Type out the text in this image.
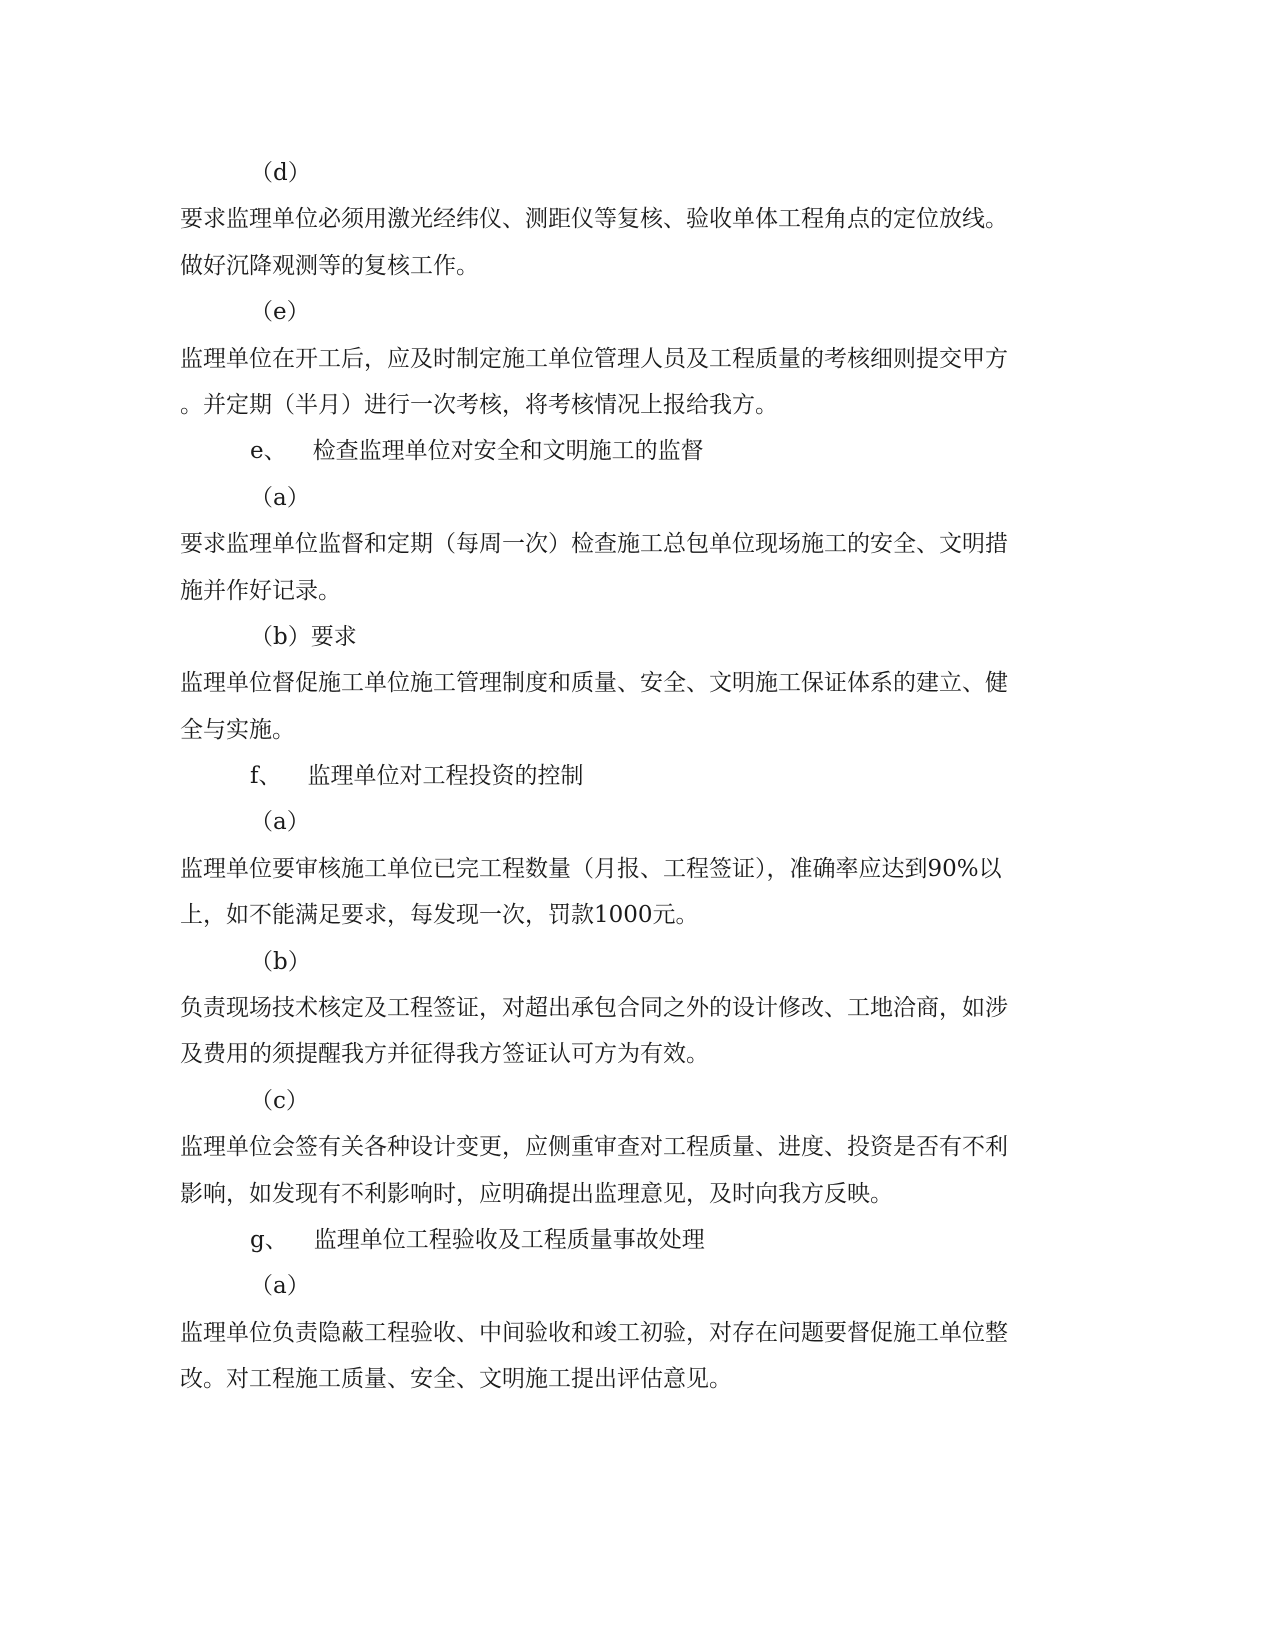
（d）
要求监理单位必须用激光经纬仪、测距仪等复核、验收单体工程角点的定位放线。
做好沉降观测等的复核工作。
（e）
监理单位在开工后，应及时制定施工单位管理人员及工程质量的考核细则提交甲方
。并定期（半月）进行一次考核，将考核情况上报给我方。
e、 检查监理单位对安全和文明施工的监督
（a）
要求监理单位监督和定期（每周一次）检查施工总包单位现场施工的安全、文明措
施并作好记录。
（b）要求
监理单位督促施工单位施工管理制度和质量、安全、文明施工保证体系的建立、健
全与实施。
f、 监理单位对工程投资的控制
（a）
监理单位要审核施工单位已完工程数量（月报、工程签证），准确率应达到90%以
上，如不能满足要求，每发现一次，罚款1000元。
（b）
负责现场技术核定及工程签证，对超出承包合同之外的设计修改、工地洽商，如涉
及费用的须提醒我方并征得我方签证认可方为有效。
（c）
监理单位会签有关各种设计变更，应侧重审查对工程质量、进度、投资是否有不利
影响，如发现有不利影响时，应明确提出监理意见，及时向我方反映。
g、 监理单位工程验收及工程质量事故处理
（a）
监理单位负责隐蔽工程验收、中间验收和竣工初验，对存在问题要督促施工单位整
改。对工程施工质量、安全、文明施工提出评估意见。
